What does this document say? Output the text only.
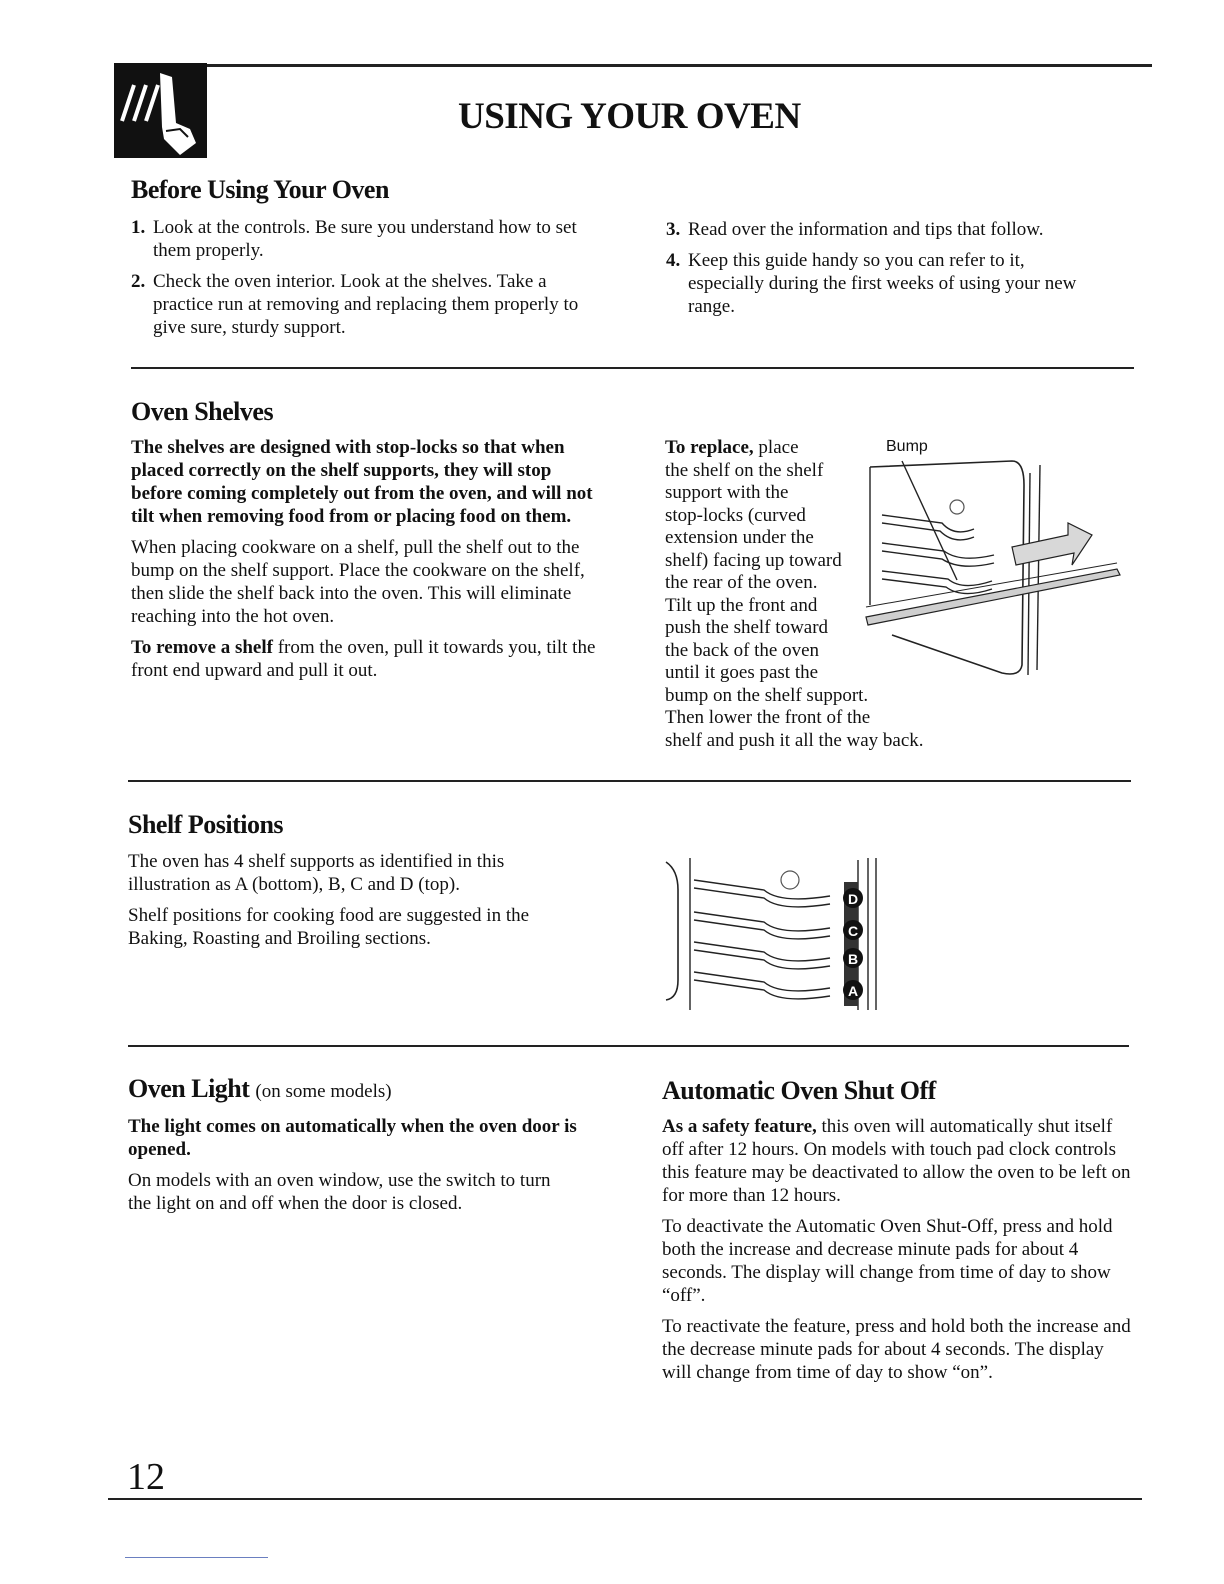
USING YOUR OVEN
Before Using Your Oven
1. Look at the controls. Be sure you understand how to set them properly.
2. Check the oven interior. Look at the shelves. Take a practice run at removing and replacing them properly to give sure, sturdy support.
3. Read over the information and tips that follow.
4. Keep this guide handy so you can refer to it, especially during the first weeks of using your new range.
Oven Shelves

The shelves are designed with stop-locks so that when placed correctly on the shelf supports, they will stop before coming completely out from the oven, and will not tilt when removing food from or placing food on them.

When placing cookware on a shelf, pull the shelf out to the bump on the shelf support. Place the cookware on the shelf, then slide the shelf back into the oven. This will eliminate reaching into the hot oven.

To remove a shelf from the oven, pull it towards you, tilt the front end upward and pull it out.

To replace, place
the shelf on the shelf
support with the
stop-locks (curved
extension under the
shelf) facing up toward
the rear of the oven.
Tilt up the front and
push the shelf toward
the back of the oven
until it goes past the
bump on the shelf support.
Then lower the front of the
shelf and push it all the way back.
Bump
Shelf Positions

The oven has 4 shelf supports as identified in this illustration as A (bottom), B, C and D (top).

Shelf positions for cooking food are suggested in the Baking, Roasting and Broiling sections.

D
C
B
A
Oven Light (on some models)

The light comes on automatically when the oven door is opened.

On models with an oven window, use the switch to turn the light on and off when the door is closed.

Automatic Oven Shut Off

As a safety feature, this oven will automatically shut itself off after 12 hours. On models with touch pad clock controls this feature may be deactivated to allow the oven to be left on for more than 12 hours.

To deactivate the Automatic Oven Shut-Off, press and hold both the increase and decrease minute pads for about 4 seconds. The display will change from time of day to show “off”.

To reactivate the feature, press and hold both the increase and the decrease minute pads for about 4 seconds. The display will change from time of day to show “on”.

12
